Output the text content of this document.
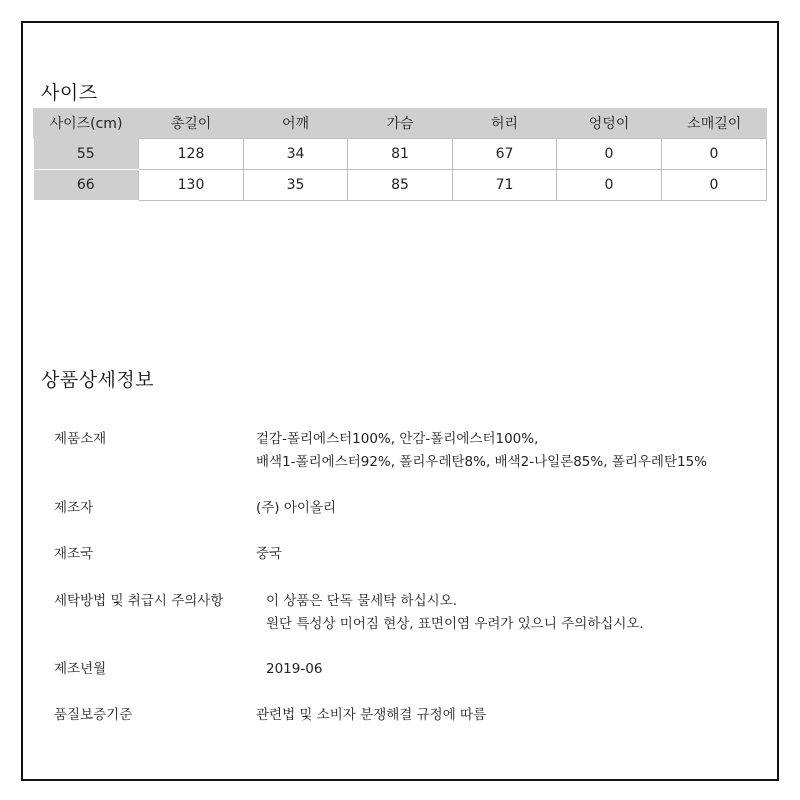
사이즈
사이즈(cm)	총길이	어깨	가슴	허리	엉덩이	소매길이
55	128	34	81	67	0	0
66	130	35	85	71	0	0
상품상세정보
제품소재	겉감-폴리에스터100%, 안감-폴리에스터100%,
배색1-폴리에스터92%, 폴리우레탄8%, 배색2-나일론85%, 폴리우레탄15%
제조자	(주) 아이올리
재조국	중국
세탁방법 및 취급시 주의사항	이 상품은 단독 물세탁 하십시오.
원단 특성상 미어짐 현상, 표면이염 우려가 있으니 주의하십시오.
제조년월	2019-06
품질보증기준	관련법 및 소비자 분쟁해결 규정에 따름
